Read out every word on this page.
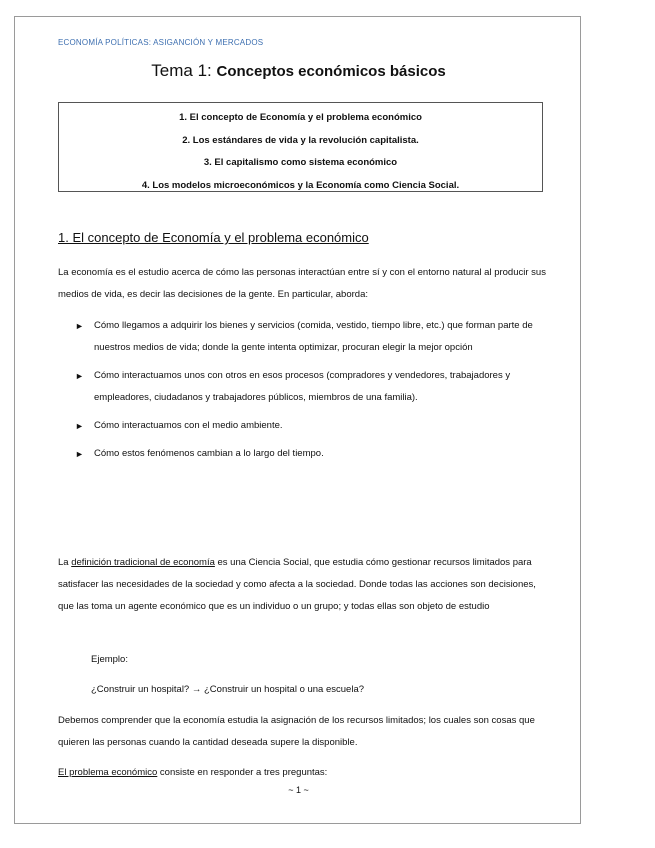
ECONOMÍA POLÍTICAS: ASIGANCIÓN Y MERCADOS
Tema 1: Conceptos económicos básicos
1. El concepto de Economía y el problema económico
2. Los estándares de vida y la revolución capitalista.
3. El capitalismo como sistema económico
4. Los modelos microeconómicos y la Economía como Ciencia Social.
1. El concepto de Economía y el problema económico
La economía es el estudio acerca de cómo las personas interactúan entre sí y con el entorno natural al producir sus medios de vida, es decir las decisiones de la gente. En particular, aborda:
► Cómo llegamos a adquirir los bienes y servicios (comida, vestido, tiempo libre, etc.) que forman parte de nuestros medios de vida; donde la gente intenta optimizar, procuran elegir la mejor opción
► Cómo interactuamos unos con otros en esos procesos (compradores y vendedores, trabajadores y empleadores, ciudadanos y trabajadores públicos, miembros de una familia).
► Cómo interactuamos con el medio ambiente.
► Cómo estos fenómenos cambian a lo largo del tiempo.
La definición tradicional de economía es una Ciencia Social, que estudia cómo gestionar recursos limitados para satisfacer las necesidades de la sociedad y como afecta a la sociedad. Donde todas las acciones son decisiones, que las toma un agente económico que es un individuo o un grupo; y todas ellas son objeto de estudio
Ejemplo:
¿Construir un hospital? → ¿Construir un hospital o una escuela?
Debemos comprender que la economía estudia la asignación de los recursos limitados; los cuales son cosas que quieren las personas cuando la cantidad deseada supere la disponible.
El problema económico consiste en responder a tres preguntas:
~ 1 ~
